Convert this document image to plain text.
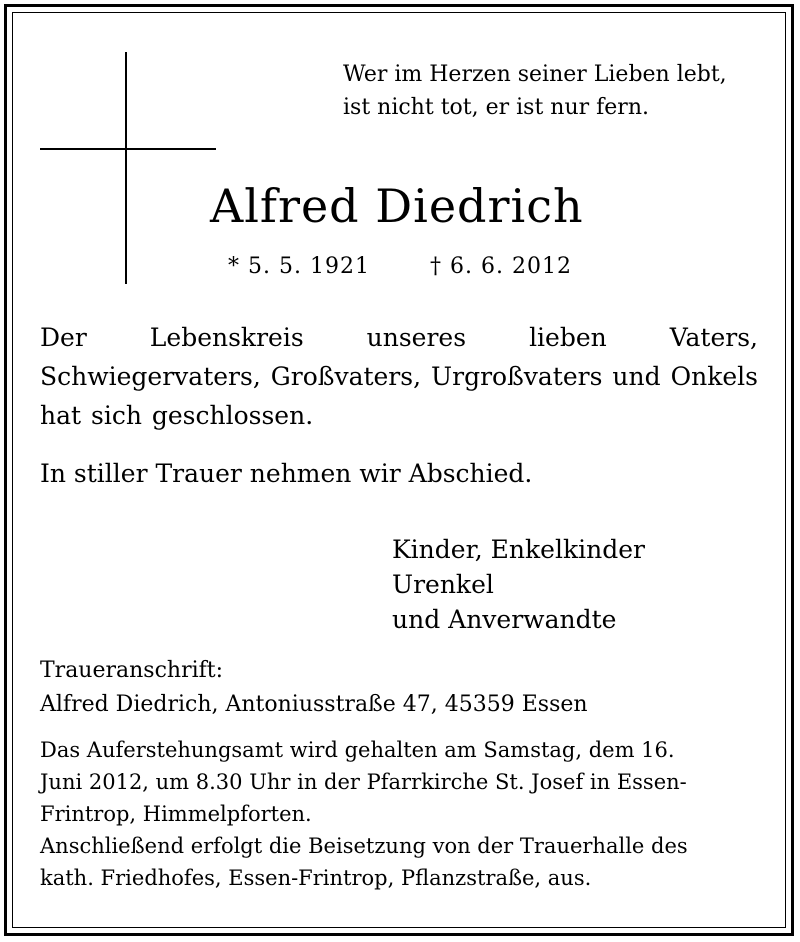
Wer im Herzen seiner Lieben lebt,
ist nicht tot, er ist nur fern.
Alfred Diedrich
* 5. 5. 1921	† 6. 6. 2012
Der Lebenskreis unseres lieben Vaters, Schwiegervaters, Großvaters, Urgroßvaters und Onkels hat sich geschlossen.
In stiller Trauer nehmen wir Abschied.
Kinder, Enkelkinder
Urenkel
und Anverwandte
Traueranschrift:
Alfred Diedrich, Antoniusstraße 47, 45359 Essen
Das Auferstehungsamt wird gehalten am Samstag, dem 16.
Juni 2012, um 8.30 Uhr in der Pfarrkirche St. Josef in Essen-
Frintrop, Himmelpforten.
Anschließend erfolgt die Beisetzung von der Trauerhalle des
kath. Friedhofes, Essen-Frintrop, Pflanzstraße, aus.
